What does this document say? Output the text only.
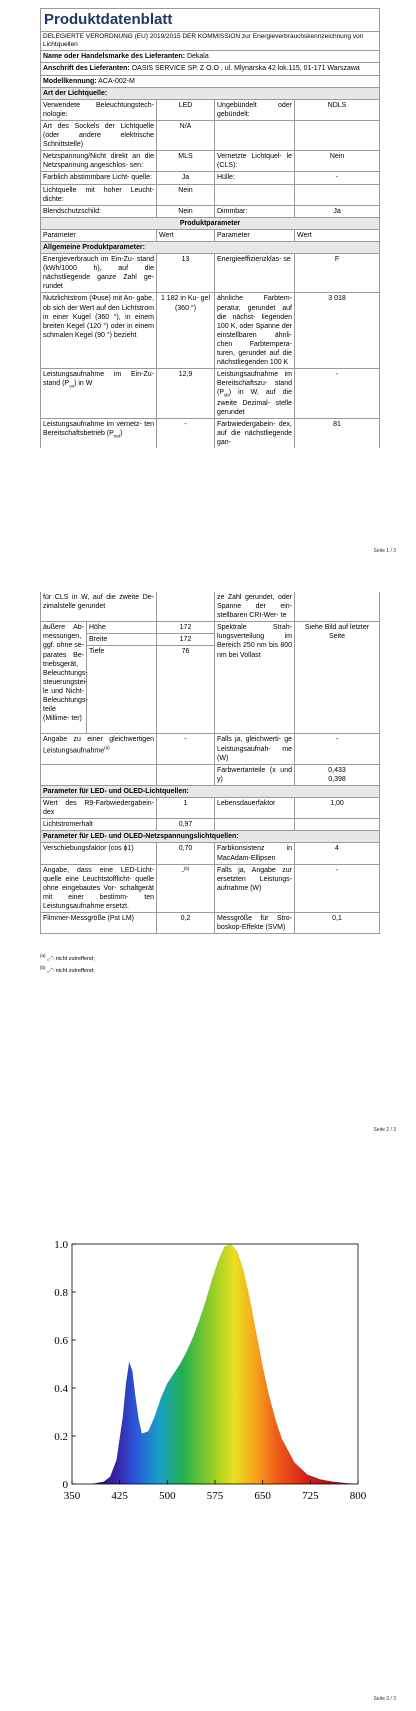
Produktdatenblatt			
DELEGIERTE VERORDNUNG (EU) 2019/2015 DER KOMMISSION zur Energieverbrauchskennzeichnung von Lichtquellen			
Name oder Handelsmarke des Lieferanten: Dekala			
Anschrift des Lieferanten: OASIS SERVICE SP. Z O.O , ul. Mlynarska 42 lok.115, 01-171 Warszawa			
Modellkennung: ACA-002-M			
Art der Lichtquelle:			
Verwendete Beleuchtungstech- nologie:	LED	Ungebündelt oder gebündelt:	NDLS
Art des Sockels der Lichtquelle (oder andere elektrische Schnittstelle)	N/A		
Netzspannung/Nicht direkt an die Netzspannung angeschlos- sen:	MLS	Vernetzte Lichtquel- le (CLS):	Nein
Farblich abstimmbare Licht- quelle:	Ja	Hülle:	-
Lichtquelle mit hoher Leucht- dichte:	Nein		
Blendschutzschild:	Nein	Dimmbar:	Ja
Produktparameter			
Parameter	Wert	Parameter	Wert
Allgemeine Produktparameter:			
Energieverbrauch im Ein-Zu- stand (kWh/1000 h), auf die nächstliegende ganze Zahl ge- rundet	13	Energieeffizienzklas- se	F
Nutzlichtstrom (Φuse) mit An- gabe, ob sich der Wert auf den Lichtstrom in einer Kugel (360 °), in einem breiten Kegel (120 °) oder in einem schmalen Kegel (90 °) bezieht	1 182 in Ku- gel (360 °)	ähnliche Farbtem- peratur, gerundet auf die nächst- liegenden 100 K, oder Spanne der einstellbaren ähnli- chen Farbtempera- turen, gerundet auf die nächstliegenden 100 K	3 018
Leistungsaufnahme im Ein-Zu- stand $(P_{on})$ in W	12,9	Leistungsaufnahme im Bereitschaftszu- stand $(P_{sb})$ in W, auf die zweite Dezimal- stelle gerundet	-
Leistungsaufnahme im vernetz- ten Bereitschaftsbetrieb $(P_{net})$	-	Farbwiedergabein- dex, auf die nächstliegende gan-	81
Seite 1 / 3
für CLS in W, auf die zweite De- zimalstelle gerundet			ze Zahl gerundet, oder Spanne der ein- stellbaren CRI-Wer- te	
äußere Ab- messungen, ggf. ohne se- parates Be- triebsgerät, Beleuchtungs- steuerungstei- le und Nicht- Beleuchtungs- teile (Millime- ter)	Höhe	172	Spektrale Strah- lungsverteilung im Bereich 250 nm bis 800 nm bei Vollast	Siehe Bild auf letzter Seite
	Breite	172		
	Tiefe	76		
Angabe zu einer gleichwertigen Leistungsaufnahme$^{(a)}$		-	Falls ja, gleichwerti- ge Leistungsaufnah- me (W)	-
			Farbwertanteile (x und y)	0,433
0,398

Parameter für LED- und OLED-Lichtquellen:				
Wert des R9-Farbwiedergabein- dex		1	Lebensdauerfaktor	1,00
Lichtstromerhalt		0,97		
Parameter für LED- und OLED-Netzspannungslichtquellen:				
Verschiebungsfaktor (cos ϕ1)		0,70	Farbkonsistenz in MacAdam-Ellipsen	4
Angabe, dass eine LED-Licht- quelle eine Leuchtstofflicht- quelle ohne eingebautes Vor- schaltgerät mit einer bestimm- ten Leistungsaufnahme ersetzt.		-$^{(b)}$	Falls ja, Angabe zur ersetzten Leistungs- aufnahme (W)	-
Flimmer-Messgröße (Pst LM)		0,2	Messgröße für Stro- boskop-Effekte (SVM)	0,1
$^{(a)}$ „-“: nicht zutreffend;
$^{(b)}$ „-“: nicht zutreffend;
Seite 2 / 3
0
0.2
0.4
0.6
0.8
1.0
350	425	500	575	650	725	800
Seite 3 / 3
